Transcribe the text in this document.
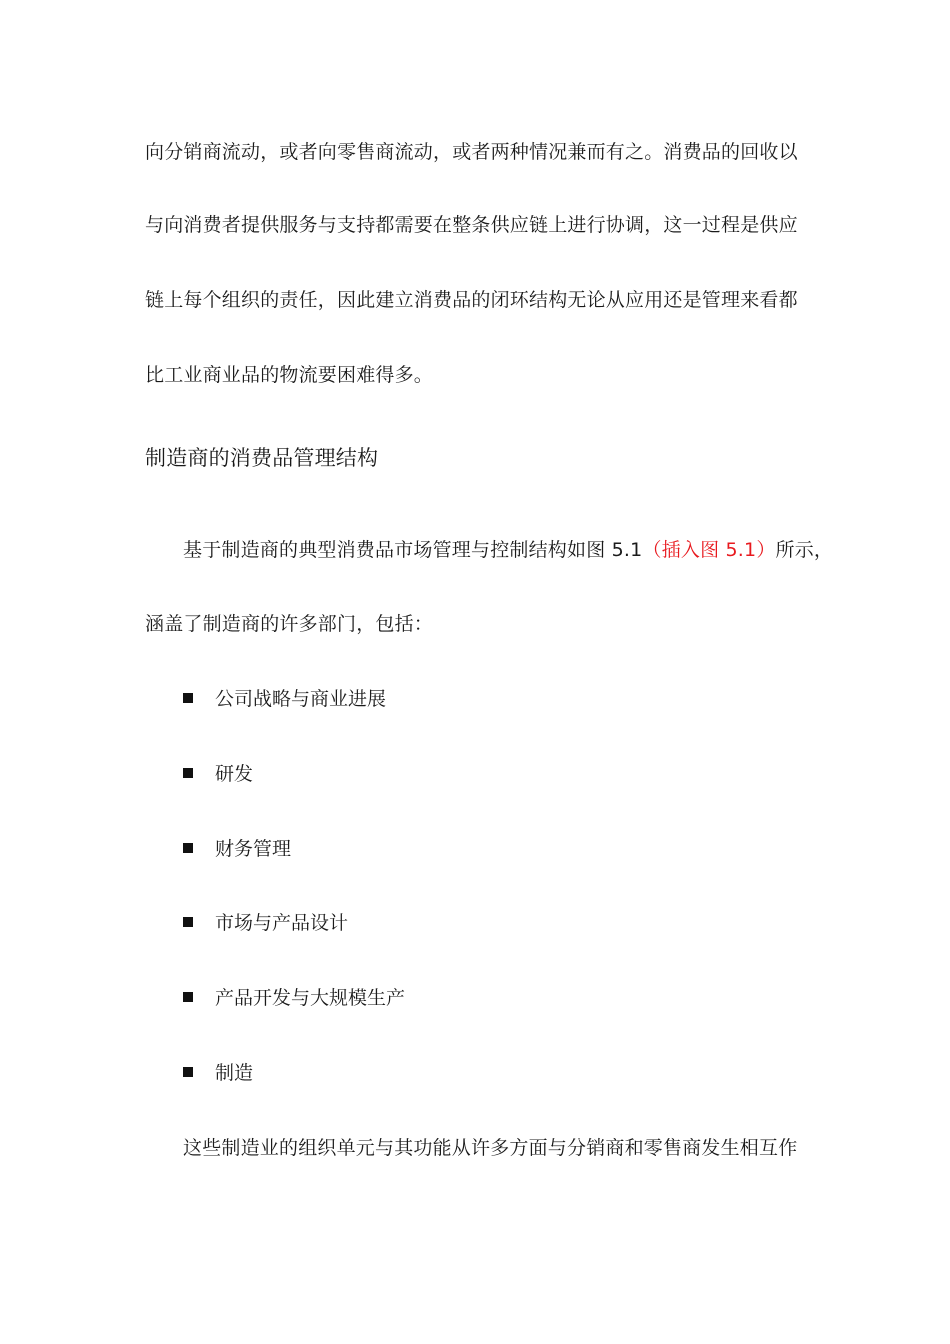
向分销商流动，或者向零售商流动，或者两种情况兼而有之。消费品的回收以
与向消费者提供服务与支持都需要在整条供应链上进行协调，这一过程是供应
链上每个组织的责任，因此建立消费品的闭环结构无论从应用还是管理来看都
比工业商业品的物流要困难得多。
制造商的消费品管理结构
基于制造商的典型消费品市场管理与控制结构如图 5.1（插入图 5.1）所示，
涵盖了制造商的许多部门，包括：
公司战略与商业进展
研发
财务管理
市场与产品设计
产品开发与大规模生产
制造
这些制造业的组织单元与其功能从许多方面与分销商和零售商发生相互作
